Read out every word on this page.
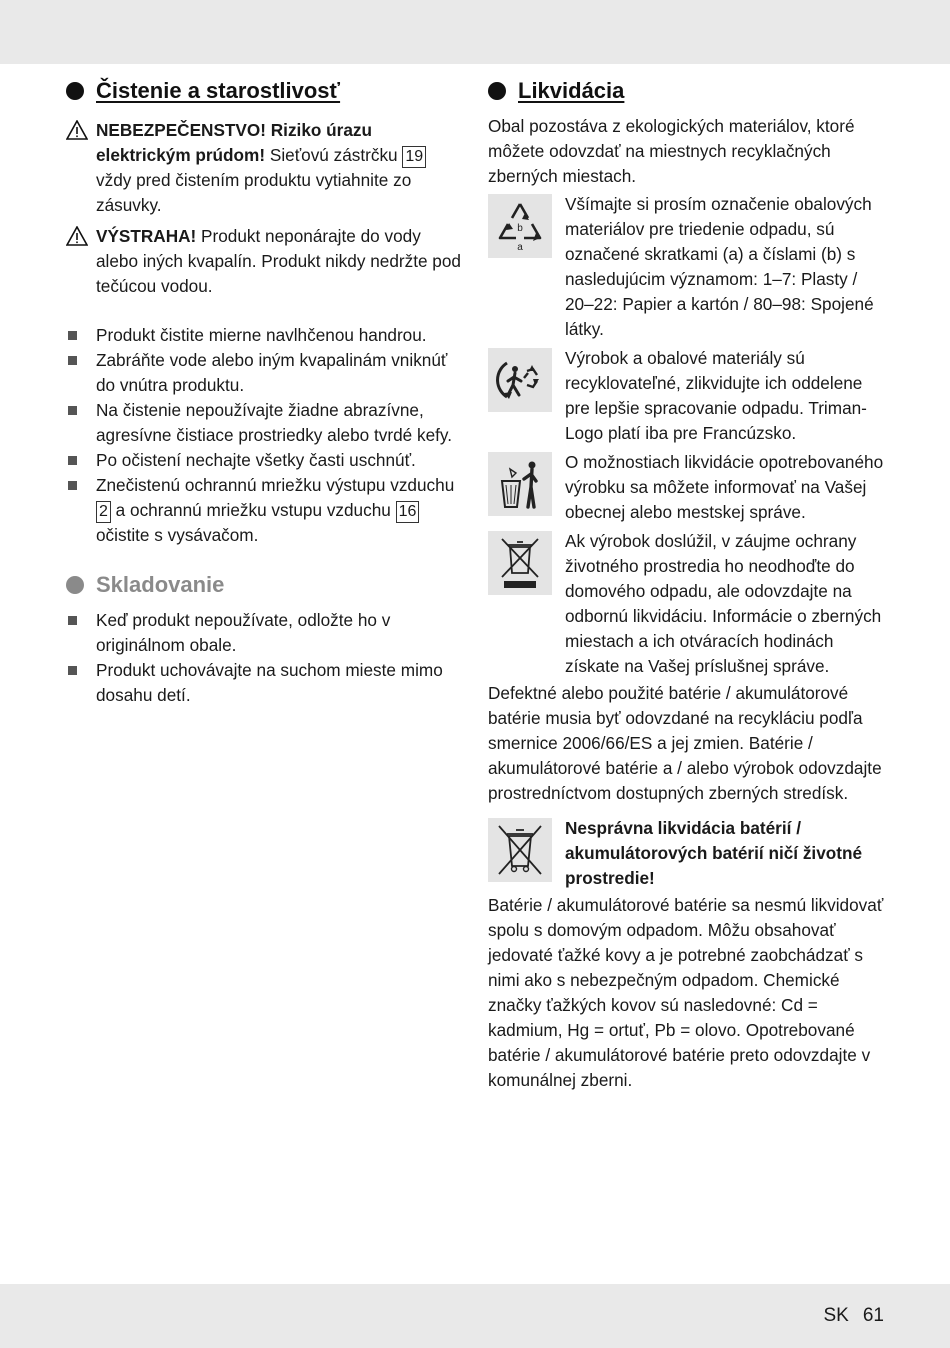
Čistenie a starostlivosť

NEBEZPEČENSTVO! Riziko úrazu elektrickým prúdom! Sieťovú zástrčku 19 vždy pred čistením produktu vytiahnite zo zásuvky.

VÝSTRAHA! Produkt neponárajte do vody alebo iných kvapalín. Produkt nikdy nedržte pod tečúcou vodou.

Produkt čistite mierne navlhčenou handrou.
Zabráňte vode alebo iným kvapalinám vniknúť do vnútra produktu.
Na čistenie nepoužívajte žiadne abrazívne, agresívne čistiace prostriedky alebo tvrdé kefy.
Po očistení nechajte všetky časti uschnúť.
Znečistenú ochrannú mriežku výstupu vzduchu 2 a ochrannú mriežku vstupu vzduchu 16 očistite s vysávačom.
Skladovanie
Keď produkt nepoužívate, odložte ho v originálnom obale.
Produkt uchovávajte na suchom mieste mimo dosahu detí.
Likvidácia

Obal pozostáva z ekologických materiálov, ktoré môžete odovzdať na miestnych recyklačných zberných miestach.

b
a

Všímajte si prosím označenie obalových materiálov pre triedenie odpadu, sú označené skratkami (a) a číslami (b) s nasledujúcim významom: 1–7: Plasty / 20–22: Papier a kartón / 80–98: Spojené látky.

Výrobok a obalové materiály sú recyklovateľné, zlikvidujte ich oddelene pre lepšie spracovanie odpadu. Triman-Logo platí iba pre Francúzsko.

O možnostiach likvidácie opotrebovaného výrobku sa môžete informovať na Vašej obecnej alebo mestskej správe.

Ak výrobok doslúžil, v záujme ochrany životného prostredia ho neodhoďte do domového odpadu, ale odovzdajte na odbornú likvidáciu. Informácie o zberných miestach a ich otváracích hodinách získate na Vašej príslušnej správe.

Defektné alebo použité batérie / akumulátorové batérie musia byť odovzdané na recykláciu podľa smernice 2006/66/ES a jej zmien. Batérie / akumulátorové batérie a / alebo výrobok odovzdajte prostredníctvom dostupných zberných stredísk.

Nesprávna likvidácia batérií / akumulátorových batérií ničí životné prostredie!

Batérie / akumulátorové batérie sa nesmú likvidovať spolu s domovým odpadom. Môžu obsahovať jedovaté ťažké kovy a je potrebné zaobchádzať s nimi ako s nebezpečným odpadom. Chemické značky ťažkých kovov sú nasledovné: Cd = kadmium, Hg = ortuť, Pb = olovo. Opotrebované batérie / akumulátorové batérie preto odovzdajte v komunálnej zberni.

SK 61
